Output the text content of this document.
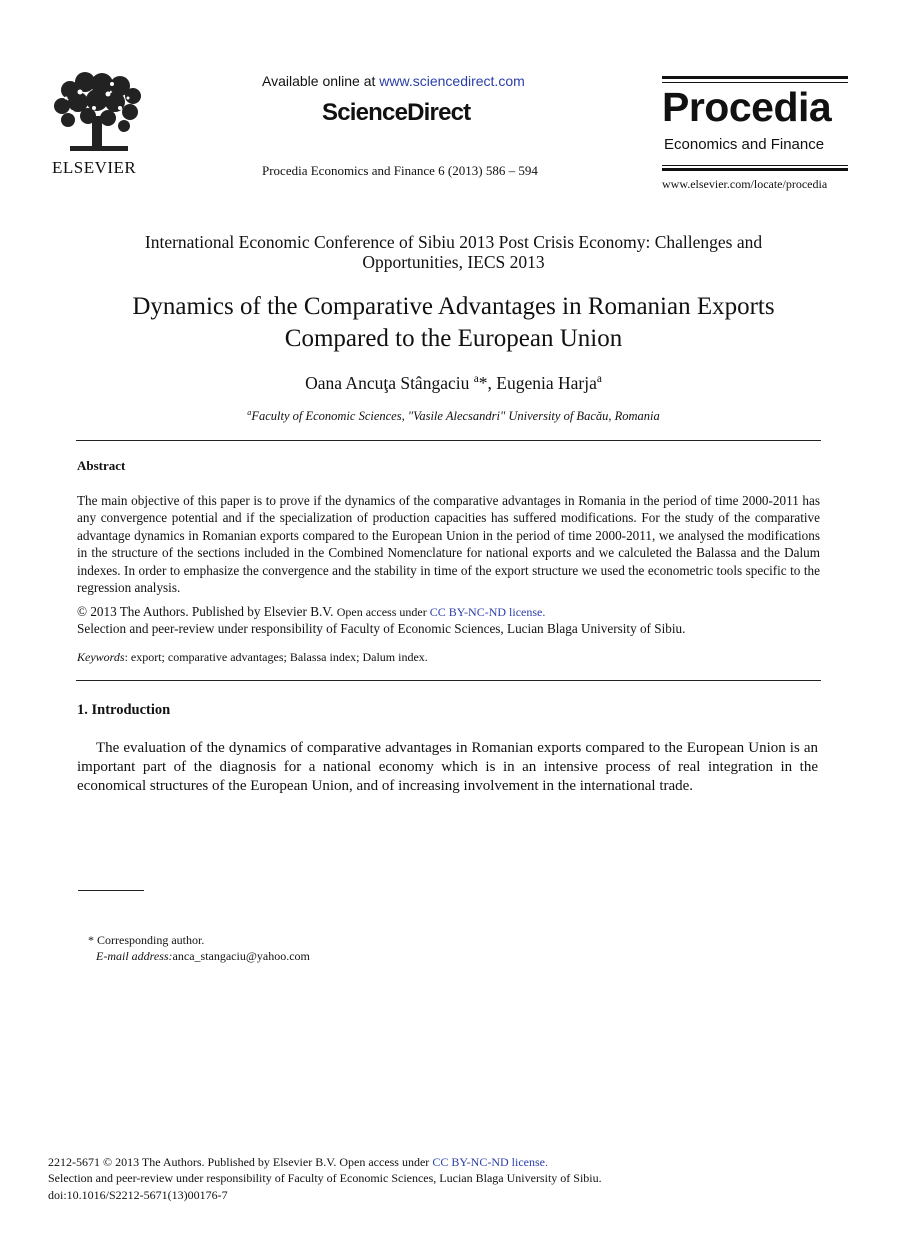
ELSEVIER
Available online at www.sciencedirect.com
ScienceDirect
Procedia Economics and Finance 6 (2013) 586 – 594
Procedia
Economics and Finance
www.elsevier.com/locate/procedia
International Economic Conference of Sibiu 2013 Post Crisis Economy: Challenges and
Opportunities, IECS 2013
Dynamics of the Comparative Advantages in Romanian Exports
Compared to the European Union
Oana Ancuţa Stângaciu $^a$*, Eugenia Harja$^a$
$^a$Faculty of Economic Sciences, "Vasile Alecsandri" University of Bacău, Romania
Abstract
The main objective of this paper is to prove if the dynamics of the comparative advantages in Romania in the period of time 2000-2011 has any convergence potential and if the specialization of production capacities has suffered modifications. For the study of the comparative advantage dynamics in Romanian exports compared to the European Union in the period of time 2000-2011, we analysed the modifications in the structure of the sections included in the Combined Nomenclature for national exports and we calculeted the Balassa and the Dalum indexes. In order to emphasize the convergence and the stability in time of the export structure we used the econometric tools specific to the regression analysis.
© 2013 The Authors. Published by Elsevier B.V. Open access under CC BY-NC-ND license.
Selection and peer-review under responsibility of Faculty of Economic Sciences, Lucian Blaga University of Sibiu.
Keywords: export; comparative advantages; Balassa index; Dalum index.
1. Introduction
The evaluation of the dynamics of comparative advantages in Romanian exports compared to the European Union is an important part of the diagnosis for a national economy which is in an intensive process of real integration in the economical structures of the European Union, and of increasing involvement in the international trade.
* Corresponding author.
E-mail address:anca_stangaciu@yahoo.com
2212-5671 © 2013 The Authors. Published by Elsevier B.V. Open access under CC BY-NC-ND license.
Selection and peer-review under responsibility of Faculty of Economic Sciences, Lucian Blaga University of Sibiu.
doi:10.1016/S2212-5671(13)00176-7
